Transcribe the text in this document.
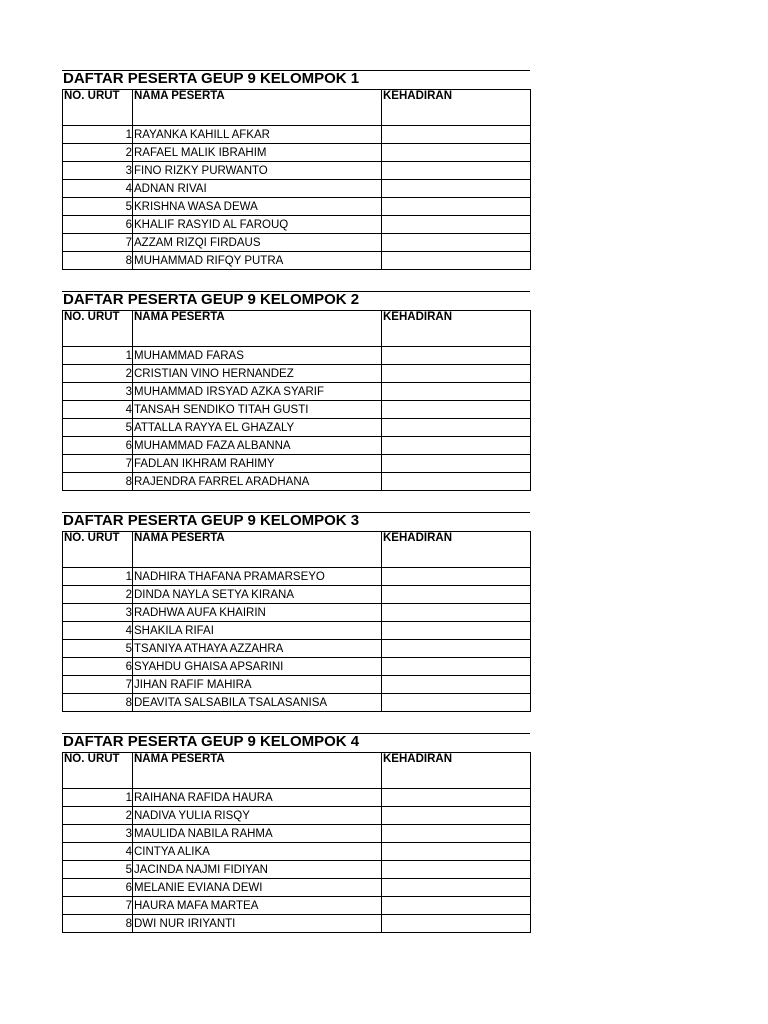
DAFTAR PESERTA GEUP 9 KELOMPOK 1
NO. URUT	NAMA PESERTA	KEHADIRAN
1	RAYANKA KAHILL AFKAR	
2	RAFAEL MALIK IBRAHIM	
3	FINO RIZKY PURWANTO	
4	ADNAN RIVAI	
5	KRISHNA WASA DEWA	
6	KHALIF RASYID AL FAROUQ	
7	AZZAM RIZQI FIRDAUS	
8	MUHAMMAD RIFQY PUTRA	
DAFTAR PESERTA GEUP 9 KELOMPOK 2
NO. URUT	NAMA PESERTA	KEHADIRAN
1	MUHAMMAD FARAS	
2	CRISTIAN VINO HERNANDEZ	
3	MUHAMMAD IRSYAD AZKA SYARIF	
4	TANSAH SENDIKO TITAH GUSTI	
5	ATTALLA RAYYA EL GHAZALY	
6	MUHAMMAD FAZA ALBANNA	
7	FADLAN IKHRAM RAHIMY	
8	RAJENDRA FARREL ARADHANA	
DAFTAR PESERTA GEUP 9 KELOMPOK 3
NO. URUT	NAMA PESERTA	KEHADIRAN
1	NADHIRA THAFANA PRAMARSEYO	
2	DINDA NAYLA SETYA KIRANA	
3	RADHWA AUFA KHAIRIN	
4	SHAKILA RIFAI	
5	TSANIYA ATHAYA AZZAHRA	
6	SYAHDU GHAISA APSARINI	
7	JIHAN RAFIF MAHIRA	
8	DEAVITA SALSABILA TSALASANISA	
DAFTAR PESERTA GEUP 9 KELOMPOK 4
NO. URUT	NAMA PESERTA	KEHADIRAN
1	RAIHANA RAFIDA HAURA	
2	NADIVA YULIA RISQY	
3	MAULIDA NABILA RAHMA	
4	CINTYA ALIKA	
5	JACINDA NAJMI FIDIYAN	
6	MELANIE EVIANA DEWI	
7	HAURA MAFA MARTEA	
8	DWI NUR IRIYANTI	
